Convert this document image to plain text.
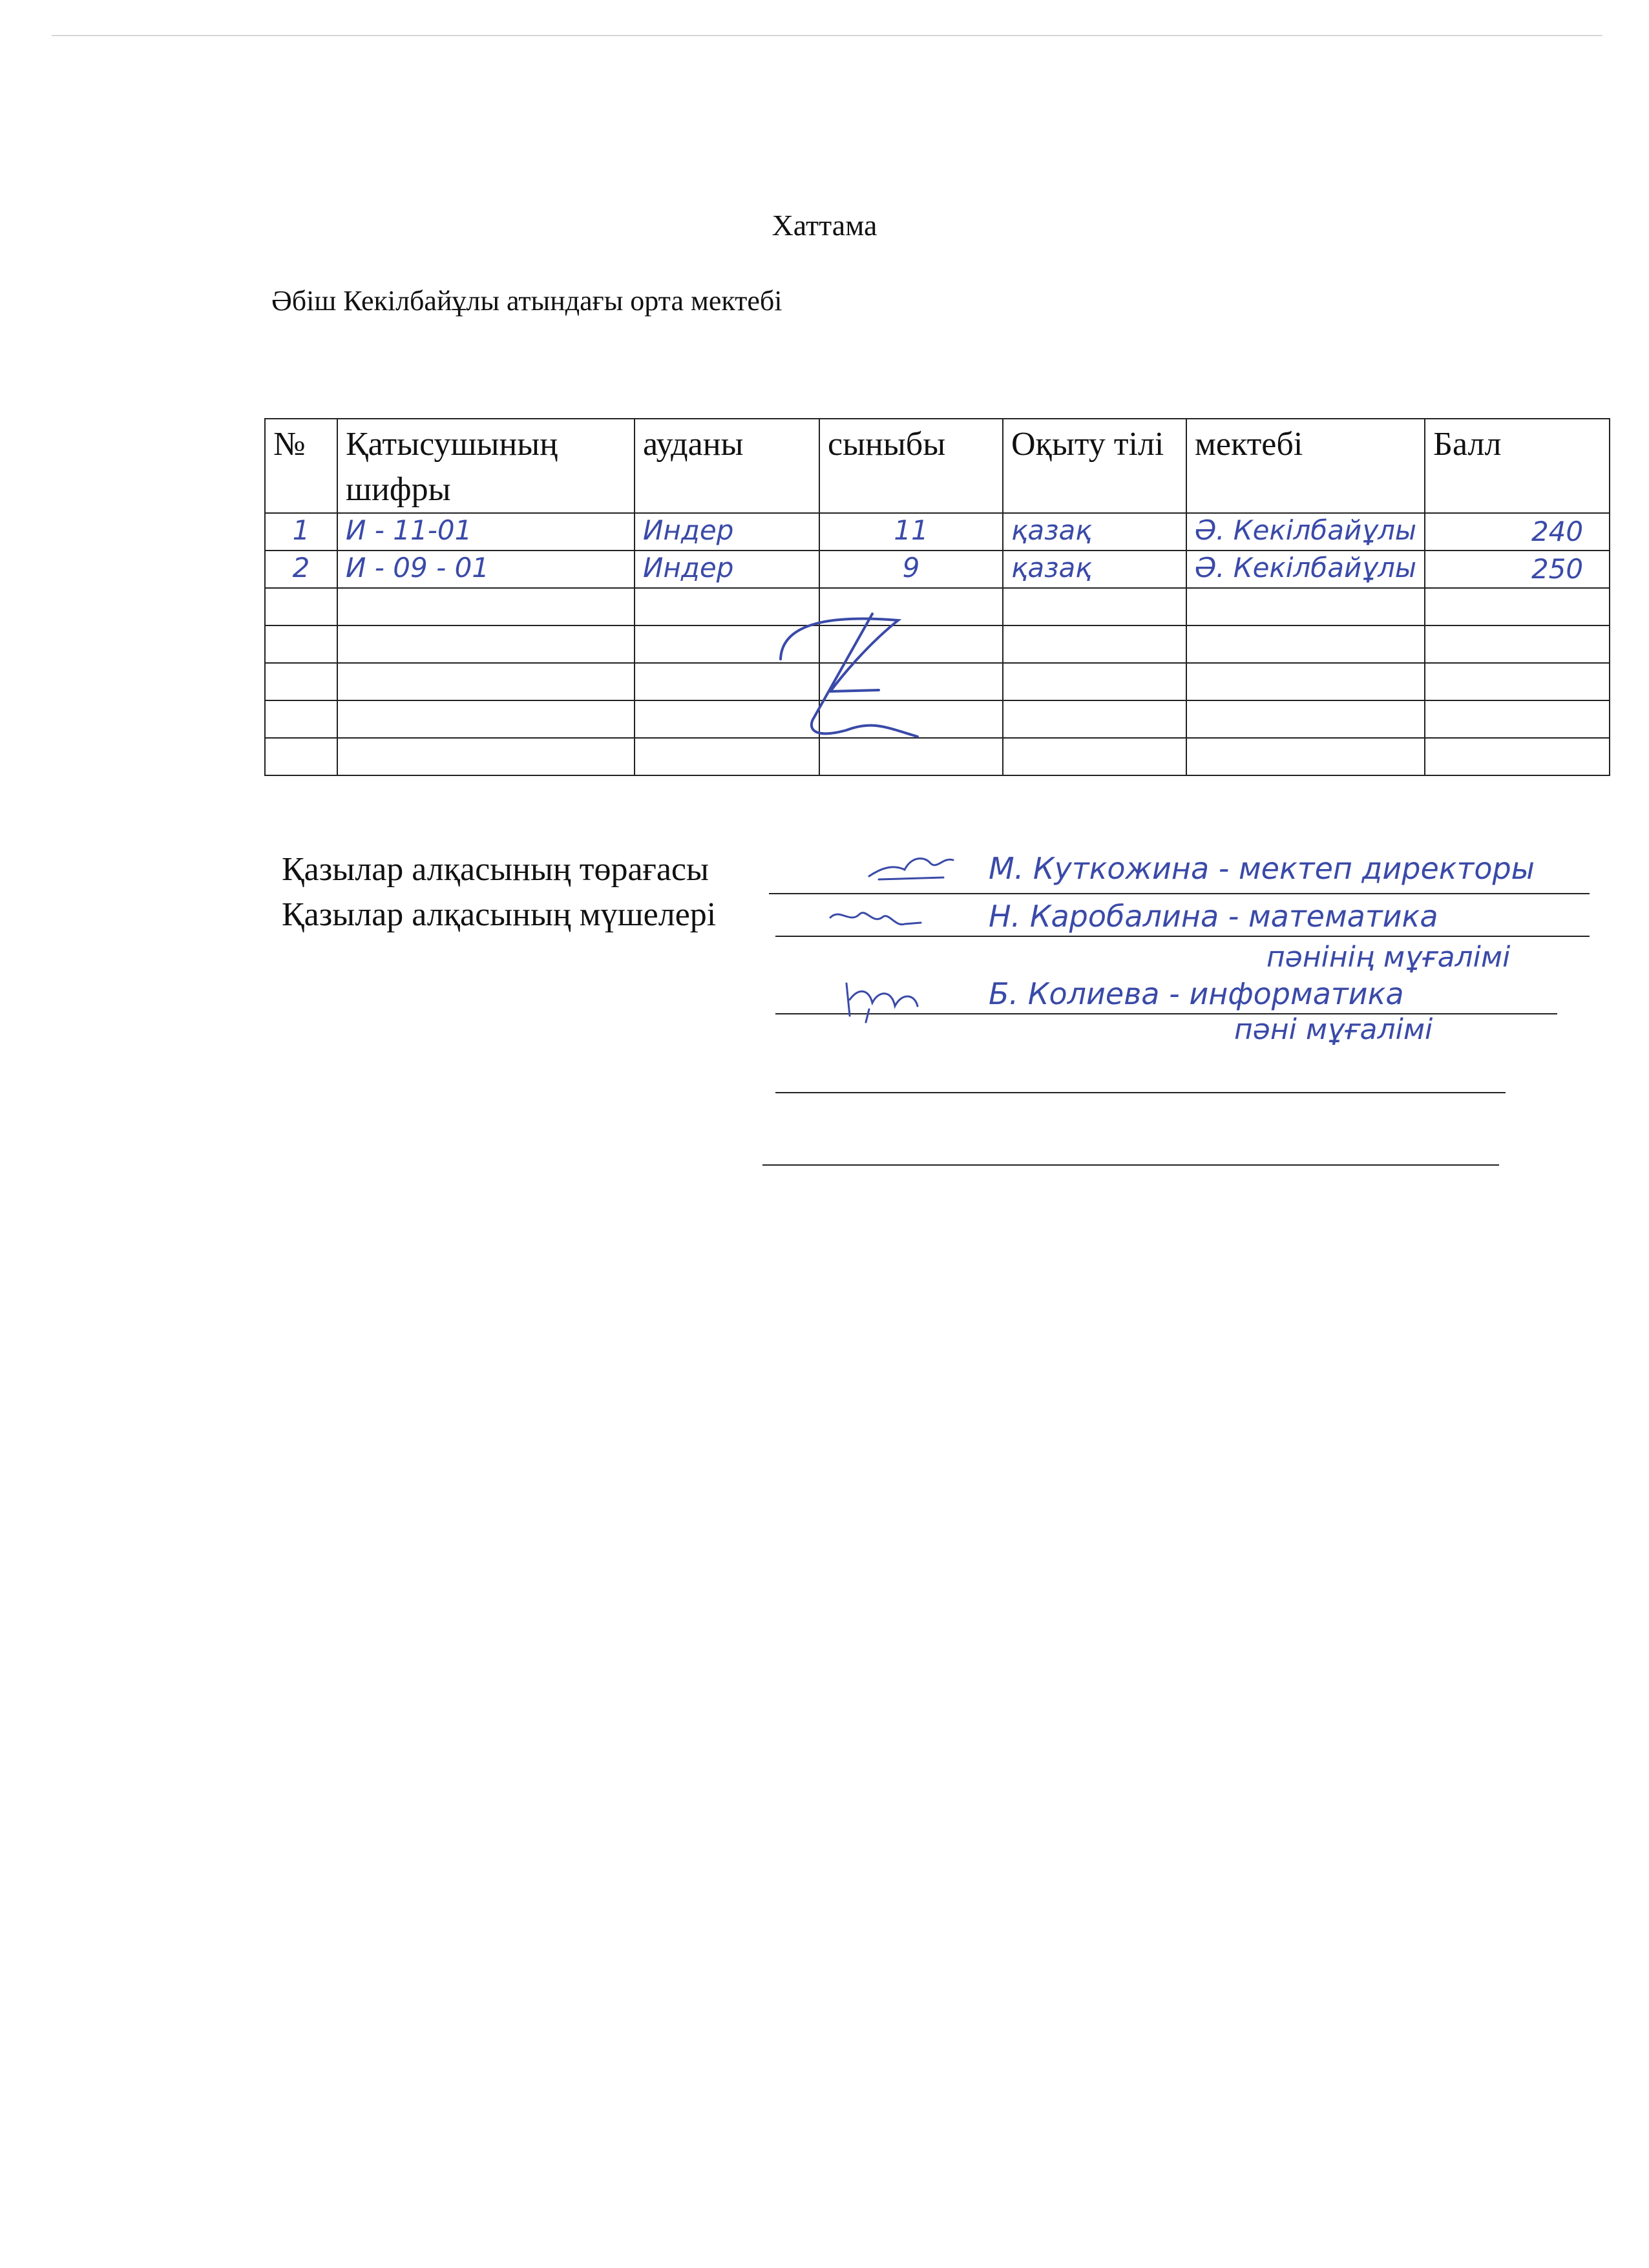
Хаттама
Әбіш Кекілбайұлы атындағы орта мектебі
№	Қатысушының шифры	ауданы	сыныбы	Оқыту тілі	мектебі	Балл
1	И - 11-01	Индер	11	қазақ	Ә. Кекілбайұлы	240

2	И - 09 - 01	Индер	9	қазақ	Ә. Кекілбайұлы	250

Қазылар алқасының төрағасы	М. Куткожина - мектеп директоры
Қазылар алқасының мүшелері	Н. Каробалина - математика
пәнінің мұғалімі
Б. Колиева - информатика
пәні мұғалімі
